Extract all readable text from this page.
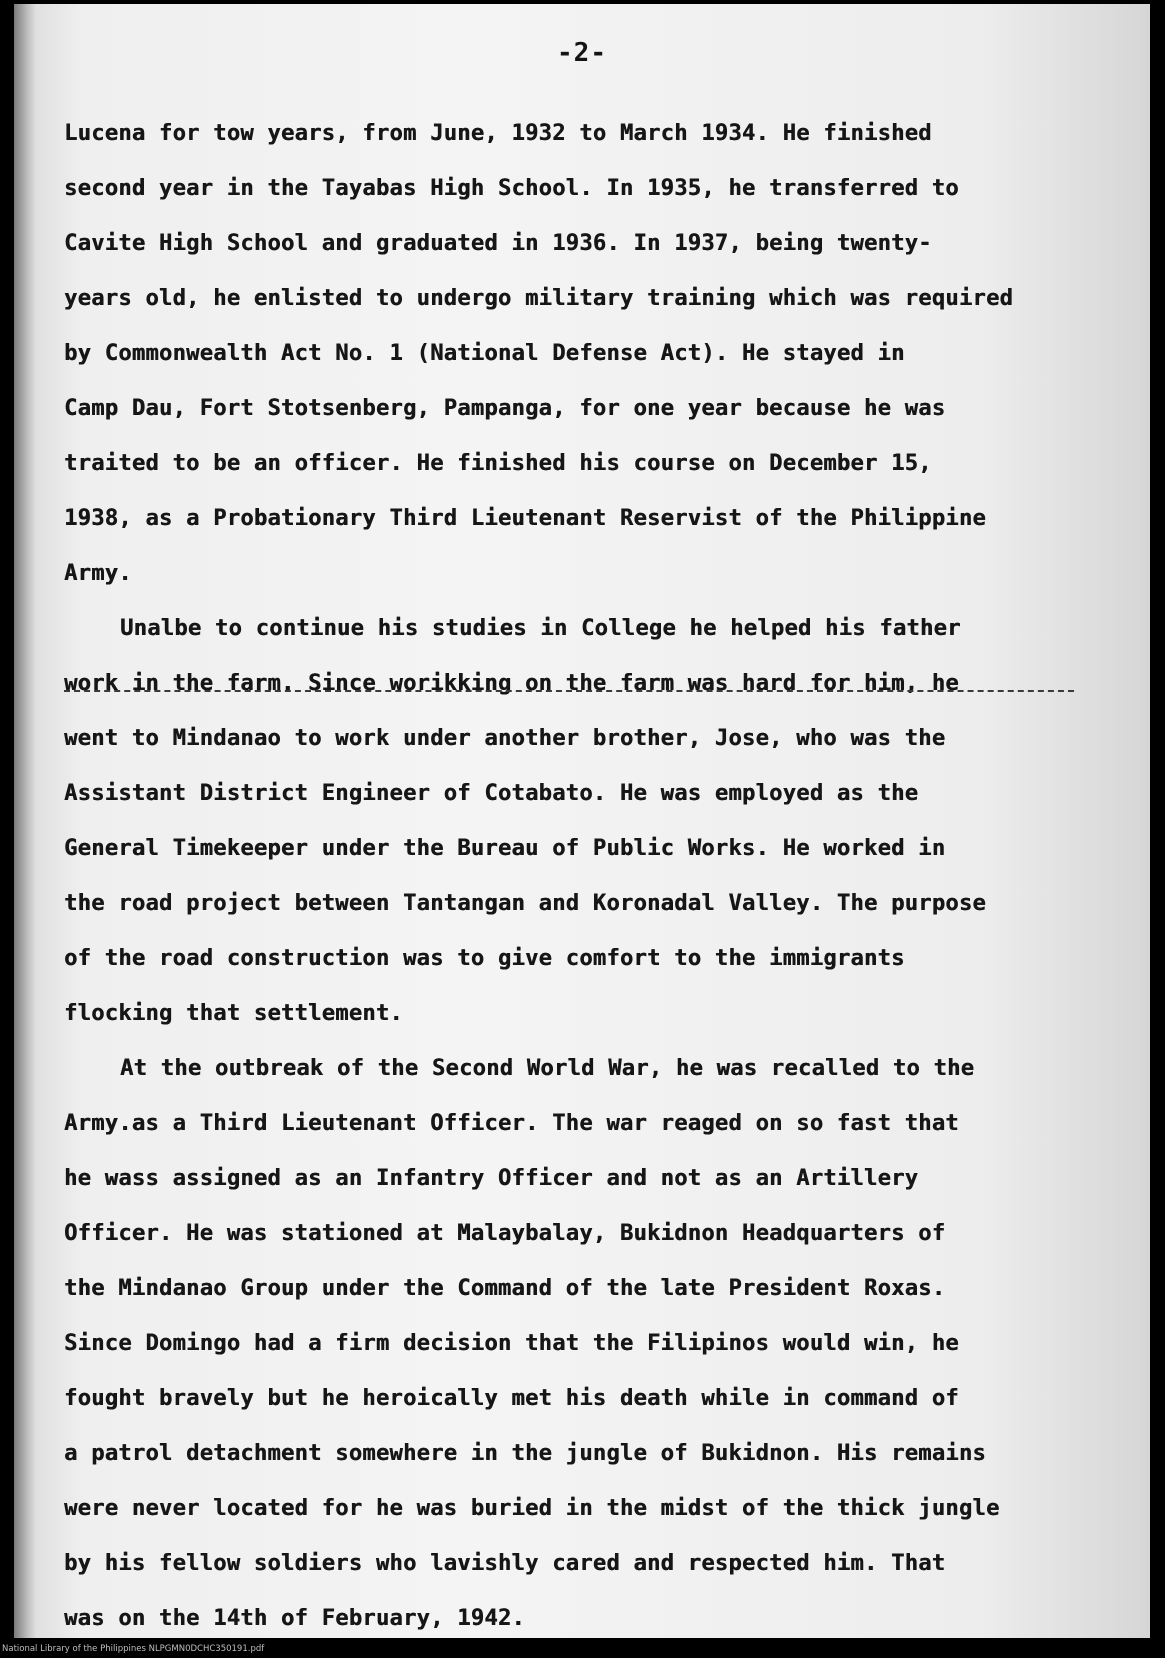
-2-
Lucena for tow years, from June, 1932 to March 1934. He finished
second year in the Tayabas High School. In 1935, he transferred to
Cavite High School and graduated in 1936. In 1937, being twenty-
years old, he enlisted to undergo military training which was required
by Commonwealth Act No. 1 (National Defense Act). He stayed in
Camp Dau, Fort Stotsenberg, Pampanga, for one year because he was
traited to be an officer. He finished his course on December 15,
1938, as a Probationary Third Lieutenant Reservist of the Philippine
Army.
Unalbe to continue his studies in College he helped his father
work in the farm. Since worikking on the farm was hard for him, he
went to Mindanao to work under another brother, Jose, who was the
Assistant District Engineer of Cotabato. He was employed as the
General Timekeeper under the Bureau of Public Works. He worked in
the road project between Tantangan and Koronadal Valley. The purpose
of the road construction was to give comfort to the immigrants
flocking that settlement.
At the outbreak of the Second World War, he was recalled to the
Army.as a Third Lieutenant Officer. The war reaged on so fast that
he wass assigned as an Infantry Officer and not as an Artillery
Officer. He was stationed at Malaybalay, Bukidnon Headquarters of
the Mindanao Group under the Command of the late President Roxas.
Since Domingo had a firm decision that the Filipinos would win, he
fought bravely but he heroically met his death while in command of
a patrol detachment somewhere in the jungle of Bukidnon. His remains
were never located for he was buried in the midst of the thick jungle
by his fellow soldiers who lavishly cared and respected him. That
was on the 14th of February, 1942.
National Library of the Philippines NLPGMN0DCHC350191.pdf
